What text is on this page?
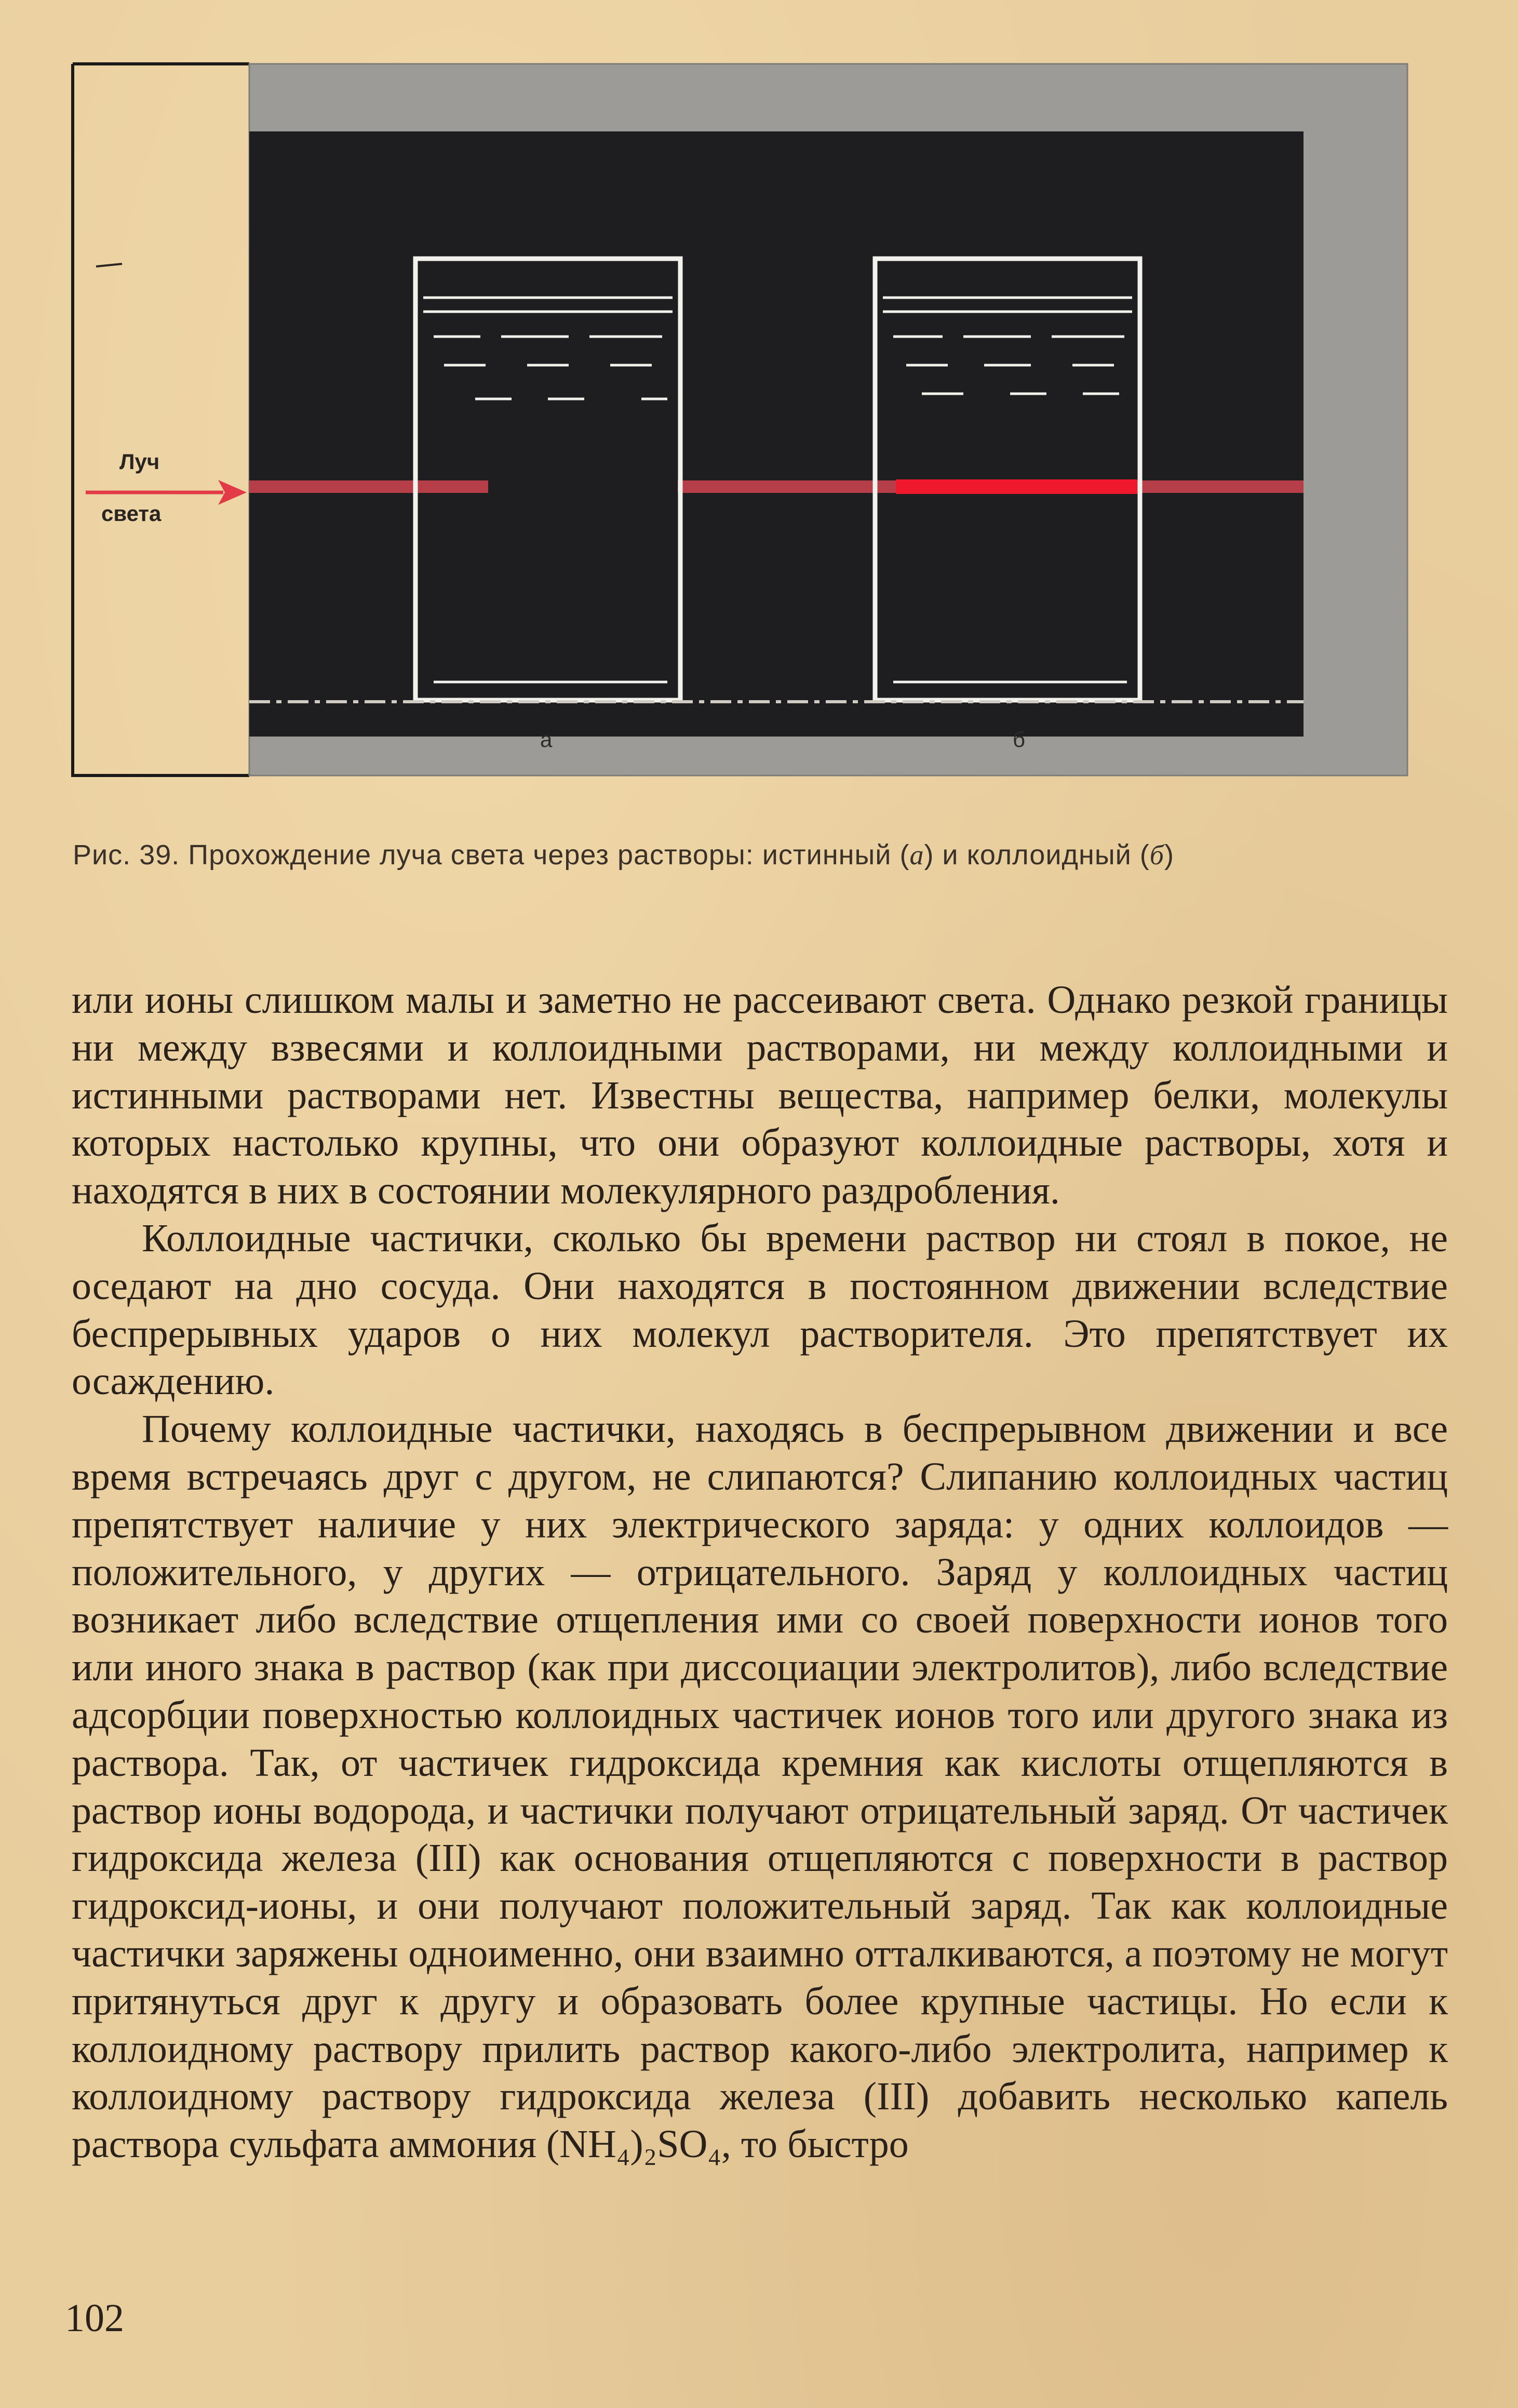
Луч
света
а	б
Рис. 39. Прохождение луча света через растворы: истинный (а) и коллоидный (б)

или ионы слишком малы и заметно не рассеивают света. Однако резкой границы ни между взвесями и коллоидными растворами, ни между коллоидными и истинными растворами нет. Известны вещества, например белки, молекулы которых настолько крупны, что они образуют коллоидные растворы, хотя и находятся в них в состоянии молекулярного раздробления.

Коллоидные частички, сколько бы времени раствор ни стоял в покое, не оседают на дно сосуда. Они находятся в постоянном движении вследствие беспрерывных ударов о них молекул растворителя. Это препятствует их осаждению.

Почему коллоидные частички, находясь в беспрерывном движении и все время встречаясь друг с другом, не слипаются? Слипанию коллоидных частиц препятствует наличие у них электрического заряда: у одних коллоидов — положительного, у других — отрицательного. Заряд у коллоидных частиц возникает либо вследствие отщепления ими со своей поверхности ионов того или иного знака в раствор (как при диссоциации электролитов), либо вследствие адсорбции поверхностью коллоидных частичек ионов того или другого знака из раствора. Так, от частичек гидроксида кремния как кислоты отщепляются в раствор ионы водорода, и частички получают отрицательный заряд. От частичек гидроксида железа (III) как основания отщепляются с поверхности в раствор гидроксид-ионы, и они получают положительный заряд. Так как коллоидные частички заряжены одноименно, они взаимно отталкиваются, а поэтому не могут притянуться друг к другу и образовать более крупные частицы. Но если к коллоидному раствору прилить раствор какого-либо электролита, например к коллоидному раствору гидроксида железа (III) добавить несколько капель раствора сульфата аммония (NH₄)₂SO₄, то быстро

102
